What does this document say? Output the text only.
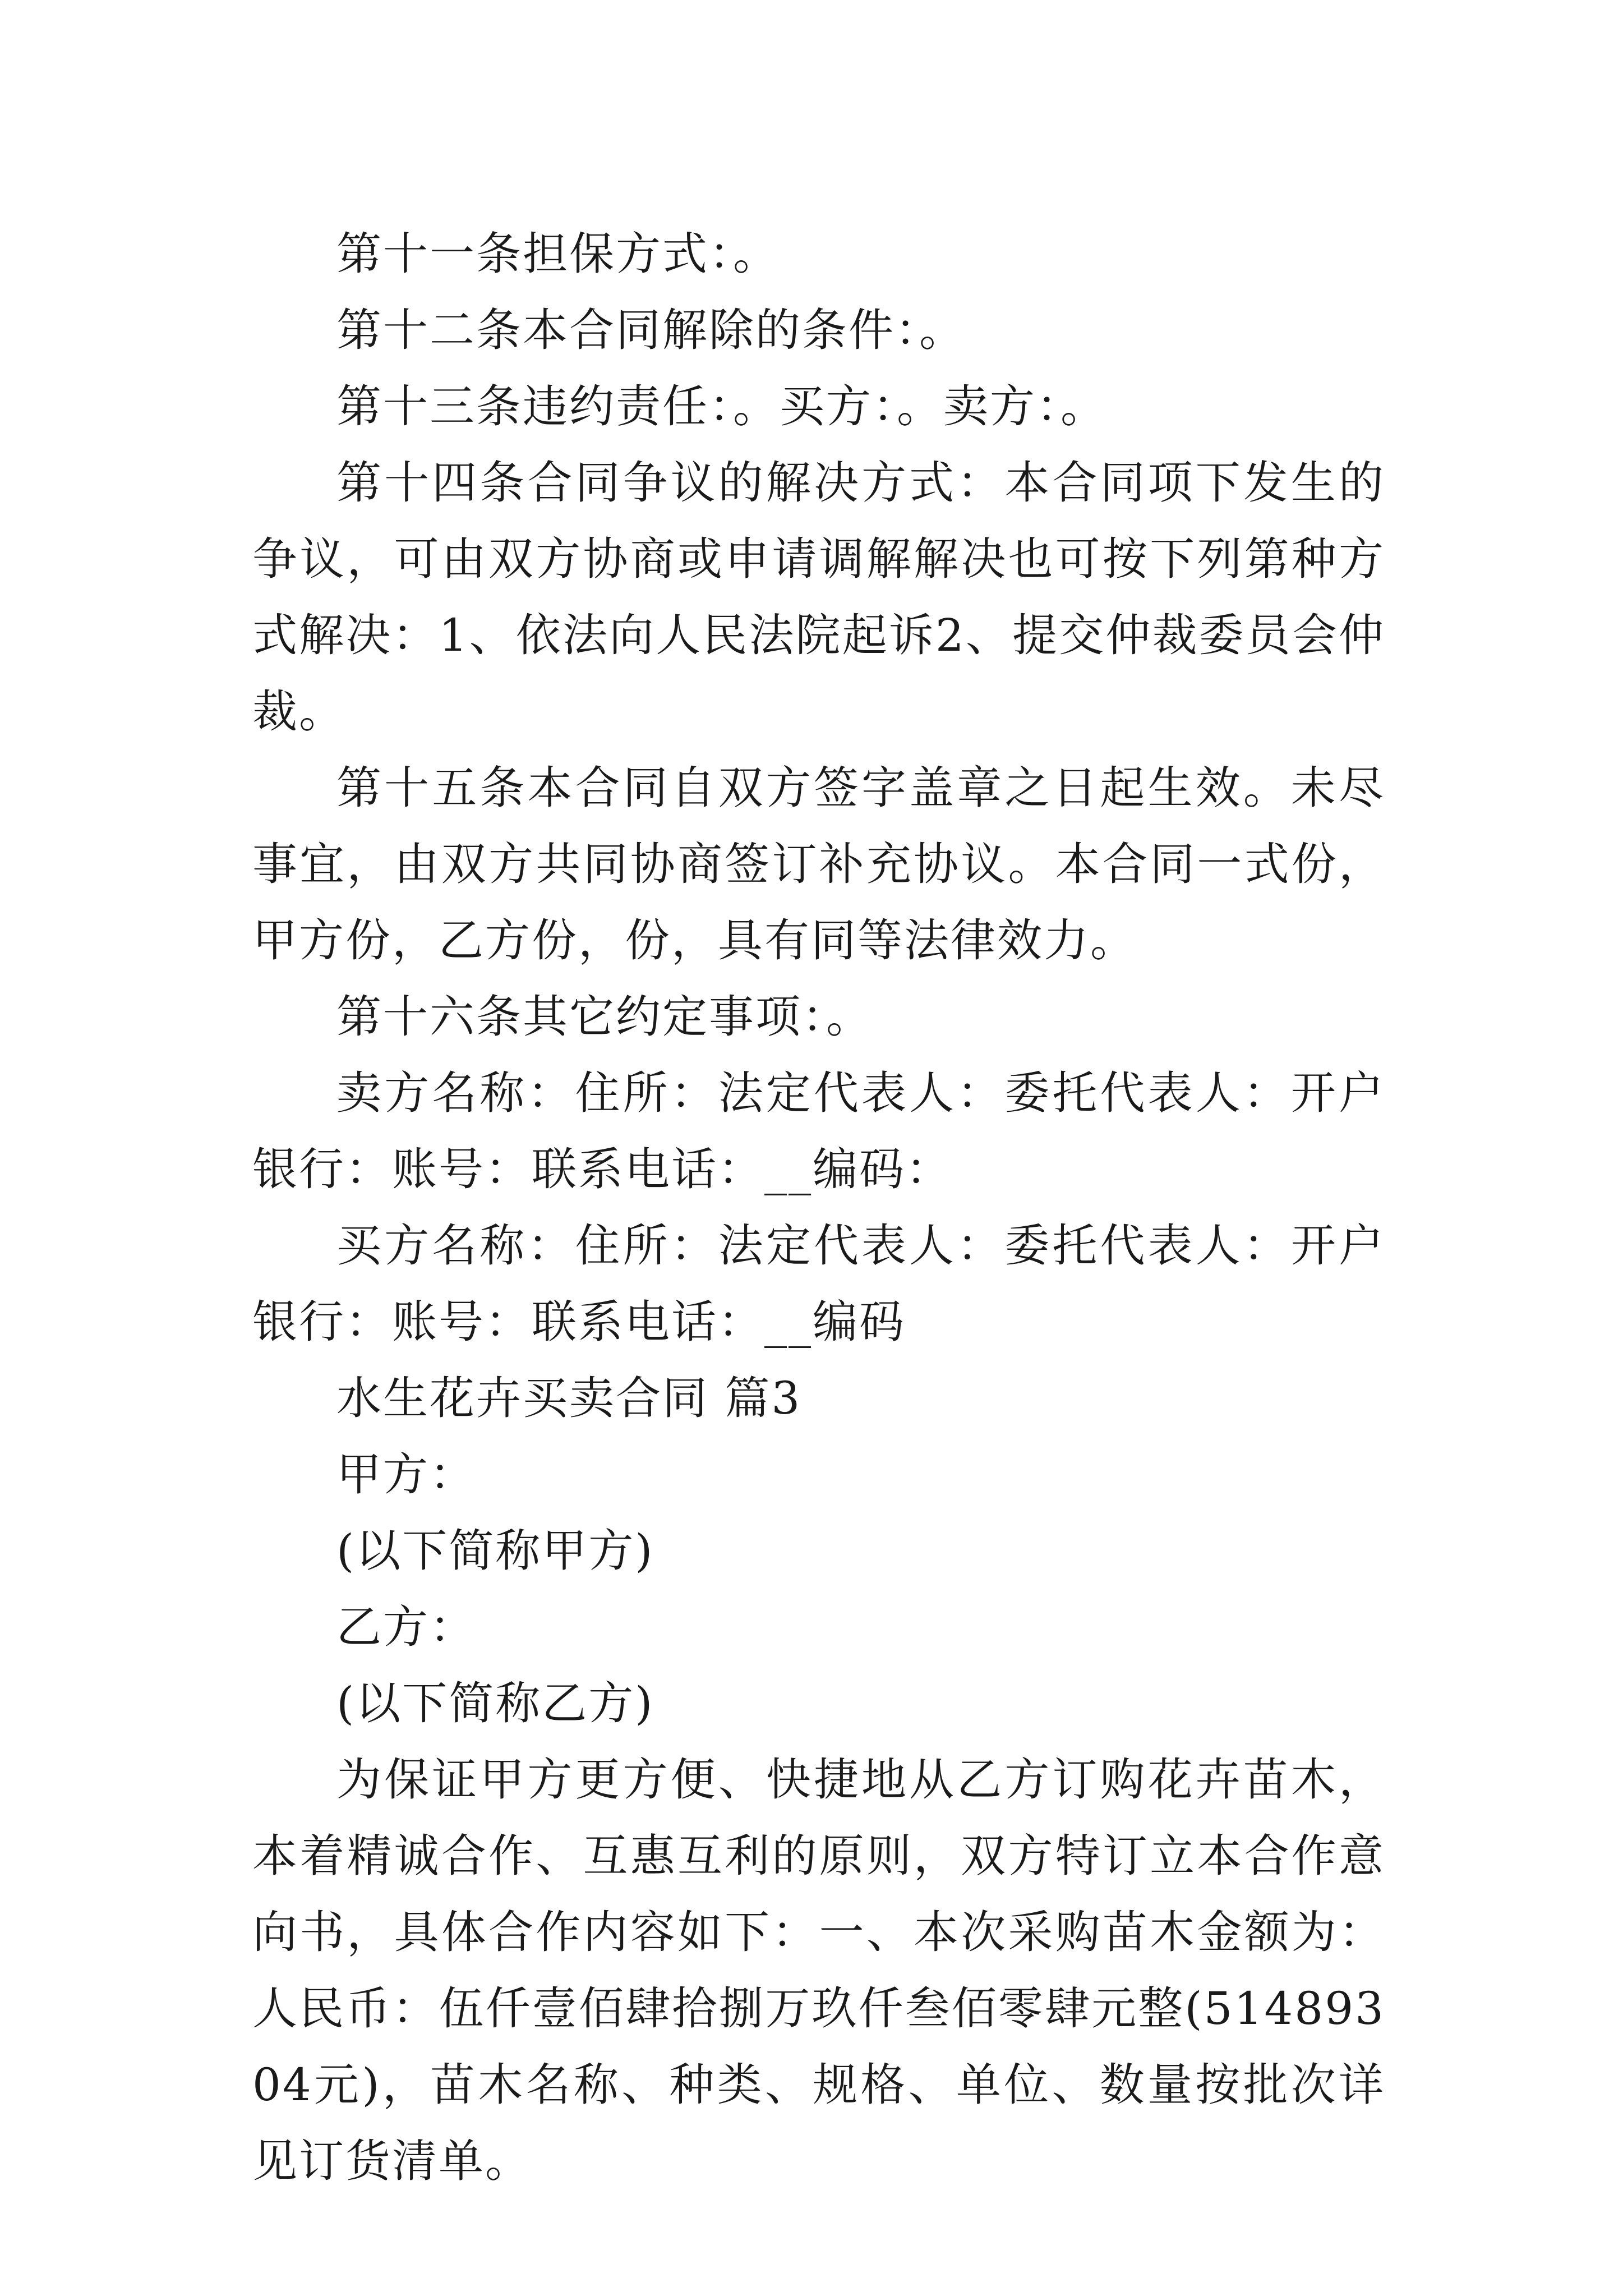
第十一条担保方式：。

第十二条本合同解除的条件：。

第十三条违约责任：。买方：。卖方：。

第十四条合同争议的解决方式：本合同项下发生的争议，可由双方协商或申请调解解决也可按下列第种方式解决：1、依法向人民法院起诉2、提交仲裁委员会仲裁。

第十五条本合同自双方签字盖章之日起生效。未尽事宜，由双方共同协商签订补充协议。本合同一式份，甲方份，乙方份，份，具有同等法律效力。

第十六条其它约定事项：。

卖方名称：住所：法定代表人：委托代表人：开户银行：账号：联系电话：__编码：

买方名称：住所：法定代表人：委托代表人：开户银行：账号：联系电话：__编码

水生花卉买卖合同 篇3

甲方：

(以下简称甲方)

乙方：

(以下简称乙方)

为保证甲方更方便、快捷地从乙方订购花卉苗木，本着精诚合作、互惠互利的原则，双方特订立本合作意向书，具体合作内容如下：一、本次采购苗木金额为：人民币：伍仟壹佰肆拾捌万玖仟叁佰零肆元整(51489304元)，苗木名称、种类、规格、单位、数量按批次详见订货清单。
